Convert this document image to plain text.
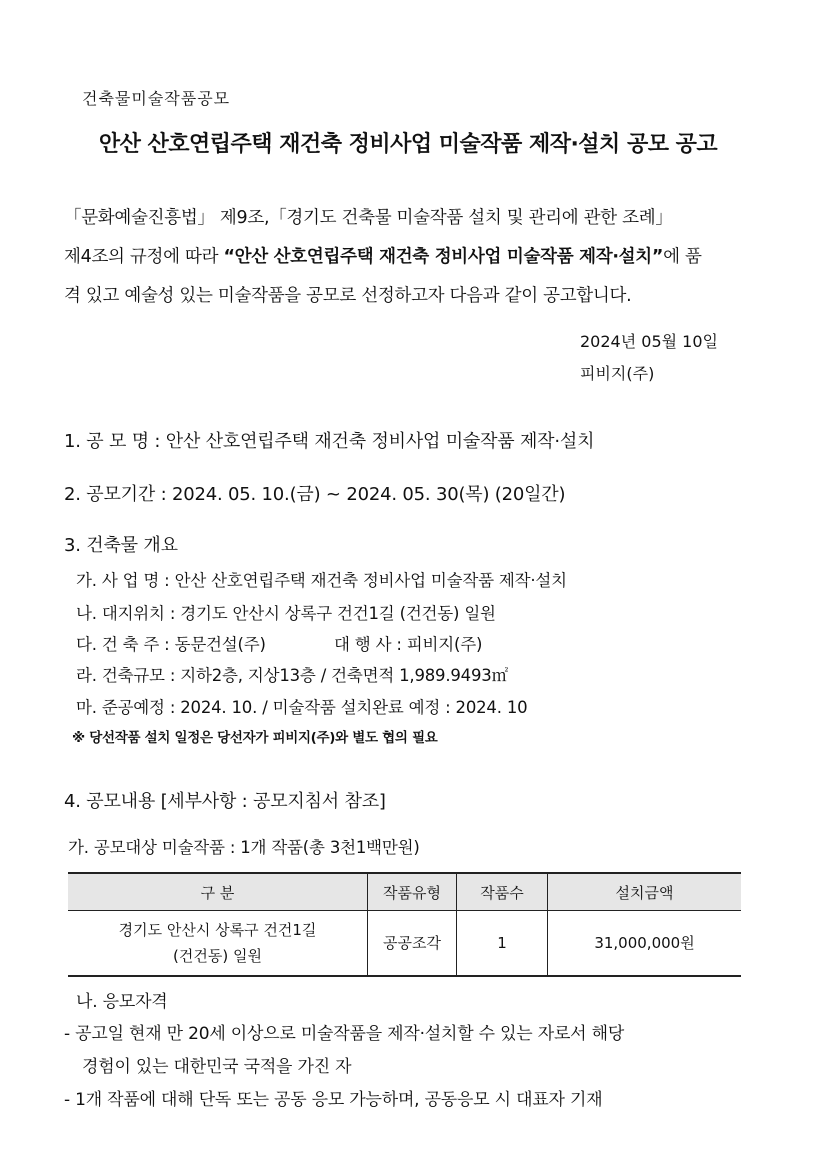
건축물미술작품공모
안산 산호연립주택 재건축 정비사업 미술작품 제작·설치 공모 공고
「문화예술진흥법」 제9조,「경기도 건축물 미술작품 설치 및 관리에 관한 조례」
제4조의 규정에 따라 “안산 산호연립주택 재건축 정비사업 미술작품 제작·설치”에 품
격 있고 예술성 있는 미술작품을 공모로 선정하고자 다음과 같이 공고합니다.
2024년 05월 10일
피비지(주)
1. 공 모 명 : 안산 산호연립주택 재건축 정비사업 미술작품 제작·설치
2. 공모기간 : 2024. 05. 10.(금) ~ 2024. 05. 30(목) (20일간)
3. 건축물 개요
가. 사 업 명 : 안산 산호연립주택 재건축 정비사업 미술작품 제작·설치
나. 대지위치 : 경기도 안산시 상록구 건건1길 (건건동) 일원
다. 건 축 주 : 동문건설(주)	대 행 사 : 피비지(주)
라. 건축규모 : 지하2층, 지상13층 / 건축면적 1,989.9493㎡
마. 준공예정 : 2024. 10. / 미술작품 설치완료 예정 : 2024. 10
※ 당선작품 설치 일정은 당선자가 피비지(주)와 별도 협의 필요
4. 공모내용 [세부사항 : 공모지침서 참조]
가. 공모대상 미술작품 : 1개 작품(총 3천1백만원)
구 분	작품유형	작품수	설치금액

경기도 안산시 상록구 건건1길
(건건동) 일원	공공조각	1	31,000,000원
나. 응모자격
- 공고일 현재 만 20세 이상으로 미술작품을 제작·설치할 수 있는 자로서 해당
경험이 있는 대한민국 국적을 가진 자
- 1개 작품에 대해 단독 또는 공동 응모 가능하며, 공동응모 시 대표자 기재
